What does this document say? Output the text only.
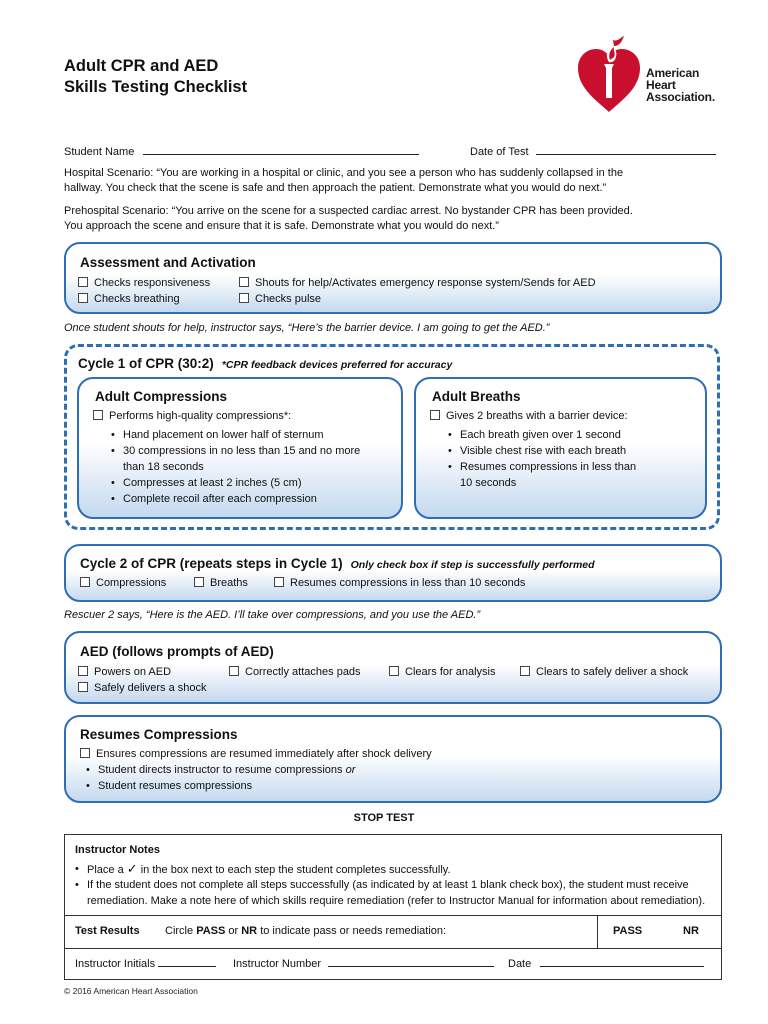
Adult CPR and AED
Skills Testing Checklist
American
Heart
Association.
Student Name	Date of Test
Hospital Scenario: “You are working in a hospital or clinic, and you see a person who has suddenly collapsed in the
hallway. You check that the scene is safe and then approach the patient. Demonstrate what you would do next.”
Prehospital Scenario: “You arrive on the scene for a suspected cardiac arrest. No bystander CPR has been provided.
You approach the scene and ensure that it is safe. Demonstrate what you would do next.”
Assessment and Activation
Checks responsiveness	Shouts for help/Activates emergency response system/Sends for AED
Checks breathing	Checks pulse
Once student shouts for help, instructor says, “Here’s the barrier device. I am going to get the AED.”
Cycle 1 of CPR (30:2) *CPR feedback devices preferred for accuracy
Adult Compressions
Performs high-quality compressions*:
• Hand placement on lower half of sternum
• 30 compressions in no less than 15 and no more
than 18 seconds
• Compresses at least 2 inches (5 cm)
• Complete recoil after each compression
Adult Breaths
Gives 2 breaths with a barrier device:
• Each breath given over 1 second
• Visible chest rise with each breath
• Resumes compressions in less than
10 seconds
Cycle 2 of CPR (repeats steps in Cycle 1) Only check box if step is successfully performed
Compressions	Breaths	Resumes compressions in less than 10 seconds
Rescuer 2 says, “Here is the AED. I’ll take over compressions, and you use the AED.”
AED (follows prompts of AED)
Powers on AED	Correctly attaches pads	Clears for analysis	Clears to safely deliver a shock
Safely delivers a shock
Resumes Compressions
Ensures compressions are resumed immediately after shock delivery
• Student directs instructor to resume compressions or
• Student resumes compressions
STOP TEST
Instructor Notes
• Place a ✓ in the box next to each step the student completes successfully.
• If the student does not complete all steps successfully (as indicated by at least 1 blank check box), the student must receive
remediation. Make a note here of which skills require remediation (refer to Instructor Manual for information about remediation).
Test Results Circle PASS or NR to indicate pass or needs remediation:	PASS	NR
Instructor Initials	Instructor Number	Date
© 2016 American Heart Association
